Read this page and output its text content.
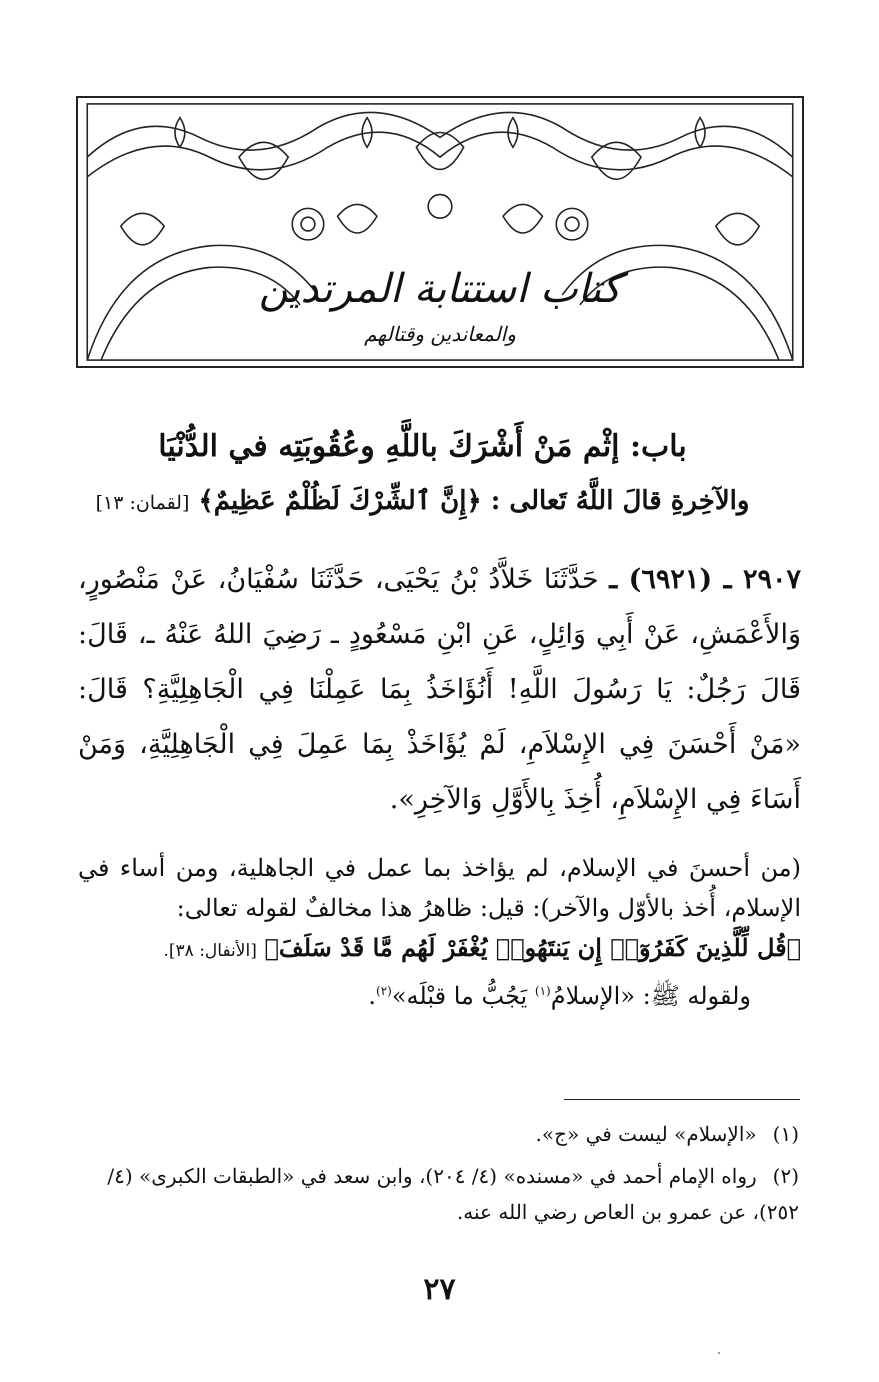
كتاب استتابة المرتدين
والمعاندين وقتالهم
باب: إثْم مَنْ أَشْرَكَ باللَّهِ وعُقُوبَتِه في الدُّنْيَا
والآخِرةِ قالَ اللَّهُ تَعالى : ﴿إِنَّ ٱلشِّرْكَ لَظُلْمٌ عَظِيمٌ﴾ [لقمان: ١٣]
٢٩٠٧ ـ (٦٩٢١) ـ حَدَّثَنَا خَلاَّدُ بْنُ يَحْيَى، حَدَّثَنَا سُفْيَانُ، عَنْ مَنْصُورٍ، وَالأَعْمَشِ، عَنْ أَبِي وَائِلٍ، عَنِ ابْنِ مَسْعُودٍ ـ رَضِيَ اللهُ عَنْهُ ـ، قَالَ: قَالَ رَجُلٌ: يَا رَسُولَ اللَّهِ! أَنُؤَاخَذُ بِمَا عَمِلْنَا فِي الْجَاهِلِيَّةِ؟ قَالَ: «مَنْ أَحْسَنَ فِي الإِسْلاَمِ، لَمْ يُؤَاخَذْ بِمَا عَمِلَ فِي الْجَاهِلِيَّةِ، وَمَنْ أَسَاءَ فِي الإِسْلاَمِ، أُخِذَ بِالأَوَّلِ وَالآخِرِ».

(من أحسنَ في الإسلام، لم يؤاخذ بما عمل في الجاهلية، ومن أساء في الإسلام، أُخذ بالأوّل والآخر): قيل: ظاهرُ هذا مخالفٌ لقوله تعالى:

﴿قُل لِّلَّذِينَ كَفَرُوٓا۟ إِن يَنتَهُوا۟ يُغْفَرْ لَهُم مَّا قَدْ سَلَفَ﴾ [الأنفال: ٣٨].

ولقوله ﷺ: «الإسلامُ$^{(١)}$ يَجُبُّ ما قبْلَه»$^{(٢)}$.

(١) «الإسلام» ليست في «ج».
(٢) رواه الإمام أحمد في «مسنده» (٤/ ٢٠٤)، وابن سعد في «الطبقات الكبرى» (٤/ ٢٥٢)، عن عمرو بن العاص رضي الله عنه.
٢٧
